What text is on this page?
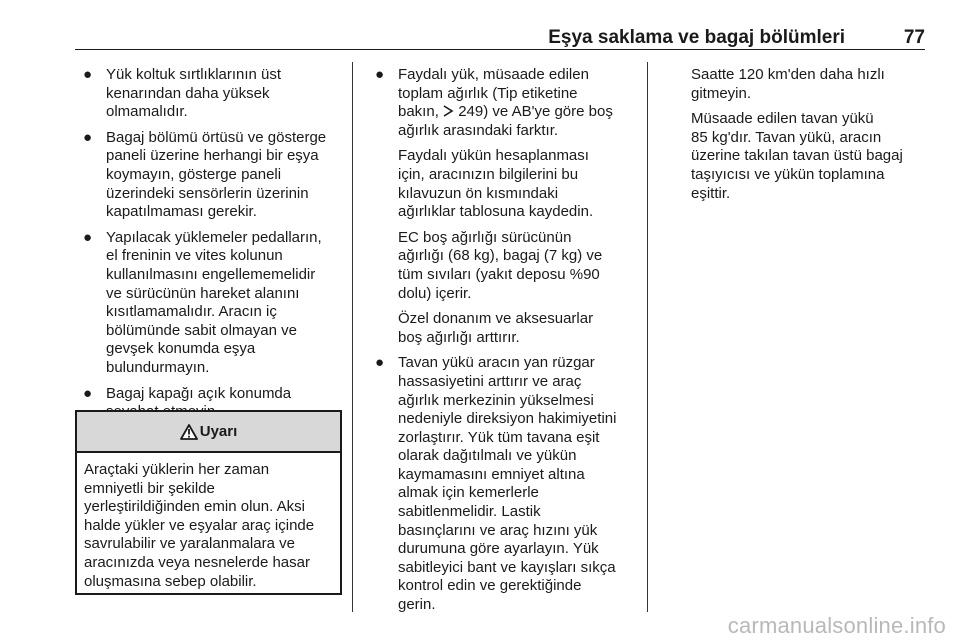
Eşya saklama ve bagaj bölümleri	77
● Yük koltuk sırtlıklarının üst
kenarından daha yüksek
olmamalıdır.
● Bagaj bölümü örtüsü ve gösterge
paneli üzerine herhangi bir eşya
koymayın, gösterge paneli
üzerindeki sensörlerin üzerinin
kapatılmaması gerekir.
● Yapılacak yüklemeler pedalların,
el freninin ve vites kolunun
kullanılmasını engellememelidir
ve sürücünün hareket alanını
kısıtlamamalıdır. Aracın iç
bölümünde sabit olmayan ve
gevşek konumda eşya
bulundurmayın.
● Bagaj kapağı açık konumda

Uyarı
Araçtaki yüklerin her zaman
emniyetli bir şekilde
yerleştirildiğinden emin olun. Aksi
halde yükler ve eşyalar araç içinde
savrulabilir ve yaralanmalara ve
aracınızda veya nesnelerde hasar
oluşmasına sebep olabilir.
● Faydalı yük, müsaade edilen
toplam ağırlık (Tip etiketine
bakın,  249) ve AB'ye göre boş
ağırlık arasındaki farktır.

Faydalı yükün hesaplanması
için, aracınızın bilgilerini bu
kılavuzun ön kısmındaki
ağırlıklar tablosuna kaydedin.

EC boş ağırlığı sürücünün
ağırlığı (68 kg), bagaj (7 kg) ve
tüm sıvıları (yakıt deposu %90
dolu) içerir.

Özel donanım ve aksesuarlar
boş ağırlığı arttırır.

● Tavan yükü aracın yan rüzgar
hassasiyetini arttırır ve araç
ağırlık merkezinin yükselmesi
nedeniyle direksiyon hakimiyetini
zorlaştırır. Yük tüm tavana eşit
olarak dağıtılmalı ve yükün
kaymamasını emniyet altına
almak için kemerlerle
sabitlenmelidir. Lastik
basınçlarını ve araç hızını yük
durumuna göre ayarlayın. Yük
sabitleyici bant ve kayışları sıkça
kontrol edin ve gerektiğinde
gerin.

Saatte 120 km'den daha hızlı
gitmeyin.

Müsaade edilen tavan yükü
85 kg'dır. Tavan yükü, aracın
üzerine takılan tavan üstü bagaj
taşıyıcısı ve yükün toplamına
eşittir.

carmanualsonline.info
